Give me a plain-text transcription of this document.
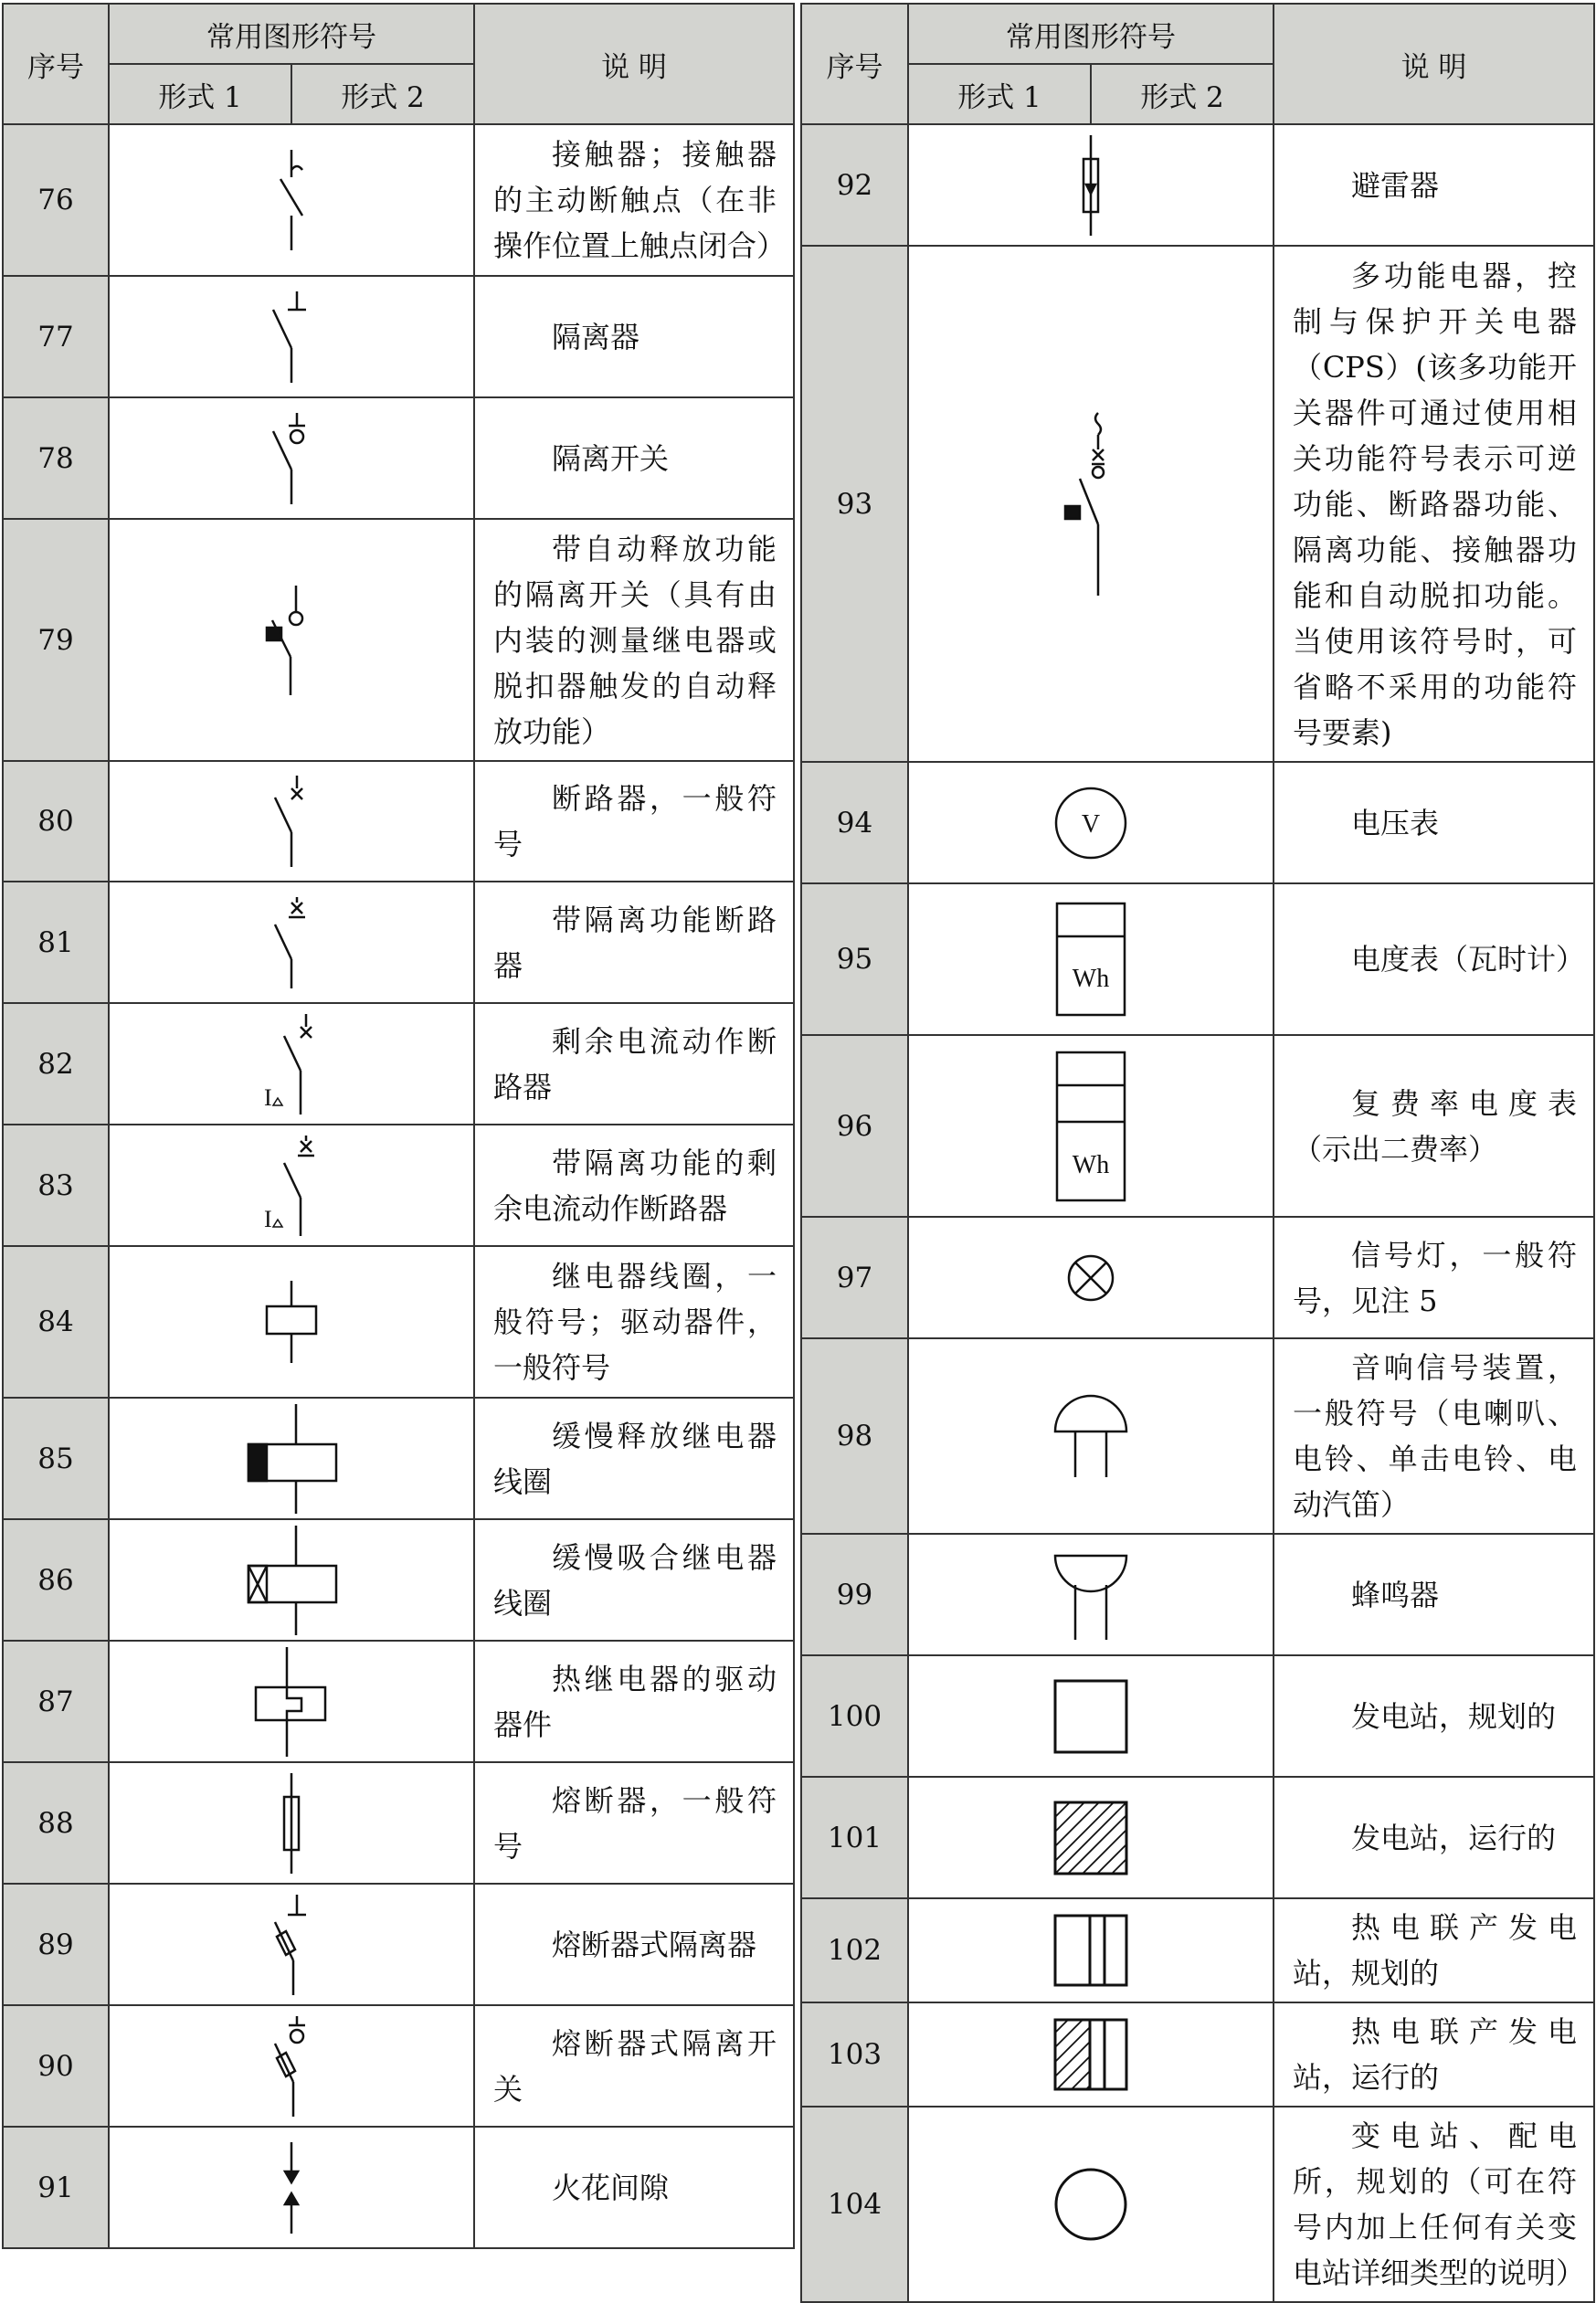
序号	常用图形符号		说 明
	形式 1	形式 2	
76			接触器；接触器的主动断触点（在非操作位置上触点闭合）

77			隔离器

78			隔离开关

79			带自动释放功能的隔离开关（具有由内装的测量继电器或脱扣器触发的自动释放功能）

80			断路器，一般符号

81			带隔离功能断路器

82	I		剩余电流动作断路器

83	I		带隔离功能的剩余电流动作断路器

84			继电器线圈，一般符号；驱动器件，一般符号

85			缓慢释放继电器线圈

86			缓慢吸合继电器线圈

87			热继电器的驱动器件

88			熔断器，一般符号

89			熔断器式隔离器

90			熔断器式隔离开关

91			火花间隙
序号	常用图形符号		说 明
	形式 1	形式 2	
92			避雷器

93			多功能电器，控制与保护开关电器（CPS）(该多功能开关器件可通过使用相关功能符号表示可逆功能、断路器功能、隔离功能、接触器功能和自动脱扣功能。当使用该符号时，可省略不采用的功能符号要素)

94	V		电压表

95	Wh		电度表（瓦时计）

96	Wh		复费率电度表（示出二费率）

97			信号灯，一般符号，见注 5

98			音响信号装置，一般符号（电喇叭、电铃、单击电铃、电动汽笛）

99			蜂鸣器

100			发电站，规划的

101			发电站，运行的

102			热电联产发电站，规划的

103			热电联产发电站，运行的

104			变电站、配电所，规划的（可在符号内加上任何有关变电站详细类型的说明）
